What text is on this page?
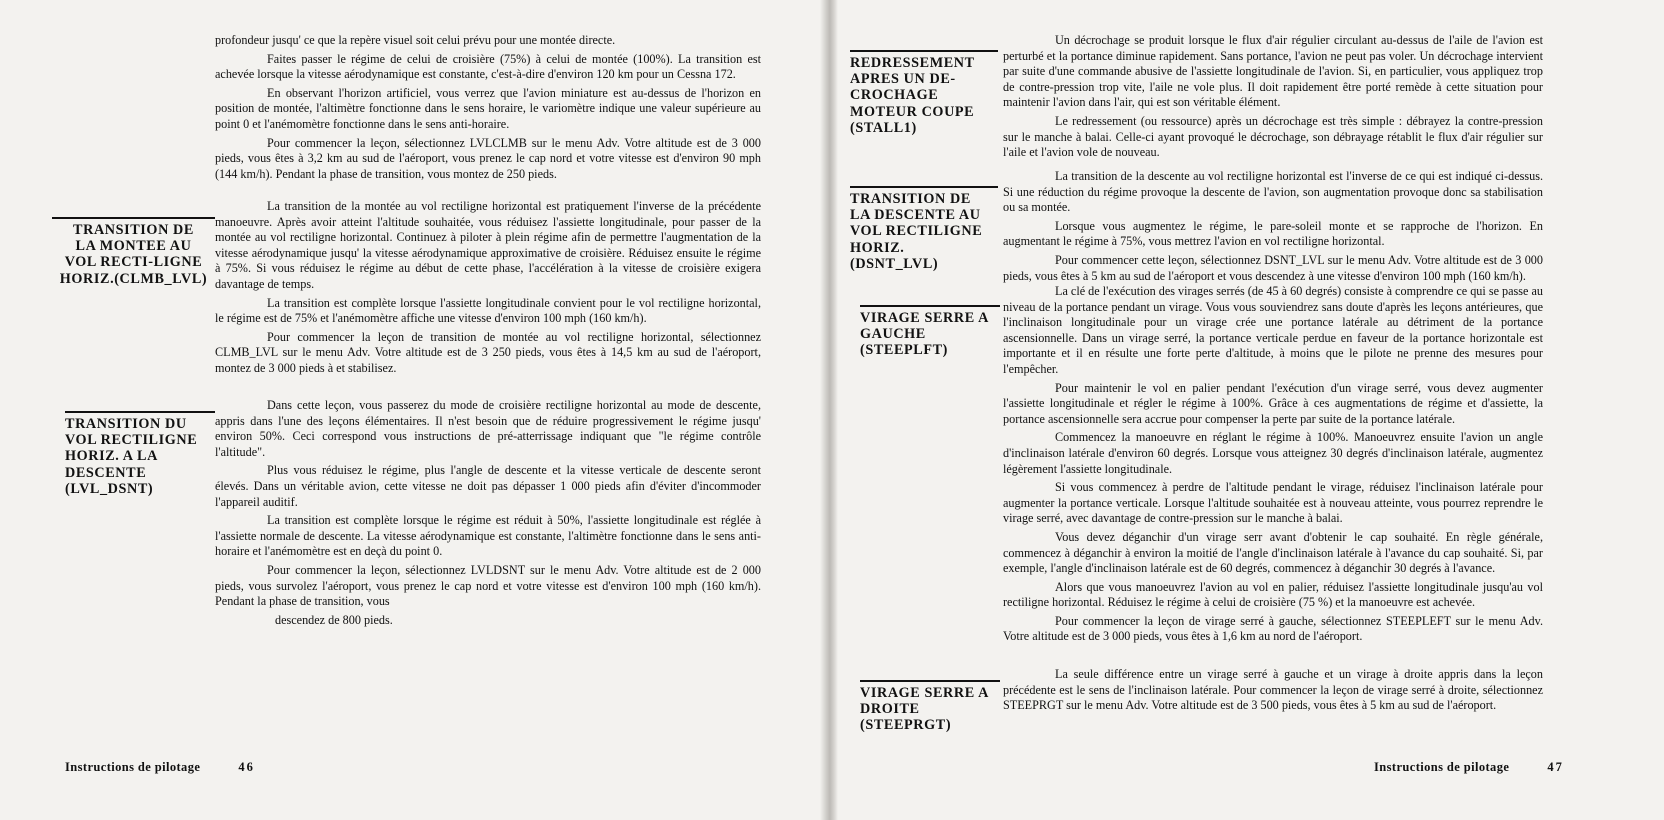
profondeur jusqu' ce que la repère visuel soit celui prévu pour une montée directe.

Faites passer le régime de celui de croisière (75%) à celui de montée (100%). La transition est achevée lorsque la vitesse aérodynamique est constante, c'est-à-dire d'environ 120 km pour un Cessna 172.

En observant l'horizon artificiel, vous verrez que l'avion miniature est au-dessus de l'horizon en position de montée, l'altimètre fonctionne dans le sens horaire, le variomètre indique une valeur supérieure au point 0 et l'anémomètre fonctionne dans le sens anti-horaire.

Pour commencer la leçon, sélectionnez LVLCLMB sur le menu Adv. Votre altitude est de 3 000 pieds, vous êtes à 3,2 km au sud de l'aéroport, vous prenez le cap nord et votre vitesse est d'environ 90 mph (144 km/h). Pendant la phase de transition, vous montez de 250 pieds.

TRANSITION DE
LA MONTEE AU
VOL RECTI-LIGNE
HORIZ.(CLMB_LVL)

La transition de la montée au vol rectiligne horizontal est pratiquement l'inverse de la précédente manoeuvre. Après avoir atteint l'altitude souhaitée, vous réduisez l'assiette longitudinale, pour passer de la montée au vol rectiligne horizontal. Continuez à piloter à plein régime afin de permettre l'augmentation de la vitesse aérodynamique jusqu' la vitesse aérodynamique approximative de croisière. Réduisez ensuite le régime à 75%. Si vous réduisez le régime au début de cette phase, l'accélération à la vitesse de croisière exigera davantage de temps.

La transition est complète lorsque l'assiette longitudinale convient pour le vol rectiligne horizontal, le régime est de 75% et l'anémomètre affiche une vitesse d'environ 100 mph (160 km/h).

Pour commencer la leçon de transition de montée au vol rectiligne horizontal, sélectionnez CLMB_LVL sur le menu Adv. Votre altitude est de 3 250 pieds, vous êtes à 14,5 km au sud de l'aéroport, montez de 3 000 pieds à et stabilisez.

TRANSITION DU
VOL RECTILIGNE
HORIZ. A LA
DESCENTE
(LVL_DSNT)

Dans cette leçon, vous passerez du mode de croisière rectiligne horizontal au mode de descente, appris dans l'une des leçons élémentaires. Il n'est besoin que de réduire progressivement le régime jusqu' environ 50%. Ceci correspond vous instructions de pré-atterrissage indiquant que "le régime contrôle l'altitude".

Plus vous réduisez le régime, plus l'angle de descente et la vitesse verticale de descente seront élevés. Dans un véritable avion, cette vitesse ne doit pas dépasser 1 000 pieds afin d'éviter d'incommoder l'appareil auditif.

La transition est complète lorsque le régime est réduit à 50%, l'assiette longitudinale est réglée à l'assiette normale de descente. La vitesse aérodynamique est constante, l'altimètre fonctionne dans le sens anti-horaire et l'anémomètre est en deçà du point 0.

Pour commencer la leçon, sélectionnez LVLDSNT sur le menu Adv. Votre altitude est de 2 000 pieds, vous survolez l'aéroport, vous prenez le cap nord et votre vitesse est d'environ 100 mph (160 km/h). Pendant la phase de transition, vous

descendez de 800 pieds.

Instructions de pilotage	46
REDRESSEMENT
APRES UN DE-
CROCHAGE
MOTEUR COUPE
(STALL1)

Un décrochage se produit lorsque le flux d'air régulier circulant au-dessus de l'aile de l'avion est perturbé et la portance diminue rapidement. Sans portance, l'avion ne peut pas voler. Un décrochage intervient par suite d'une commande abusive de l'assiette longitudinale de l'avion. Si, en particulier, vous appliquez trop de contre-pression trop vite, l'aile ne vole plus. Il doit rapidement être porté remède à cette situation pour maintenir l'avion dans l'air, qui est son véritable élément.

Le redressement (ou ressource) après un décrochage est très simple : débrayez la contre-pression sur le manche à balai. Celle-ci ayant provoqué le décrochage, son débrayage rétablit le flux d'air régulier sur l'aile et l'avion vole de nouveau.

TRANSITION DE
LA DESCENTE AU
VOL RECTILIGNE
HORIZ.
(DSNT_LVL)

La transition de la descente au vol rectiligne horizontal est l'inverse de ce qui est indiqué ci-dessus. Si une réduction du régime provoque la descente de l'avion, son augmentation provoque donc sa stabilisation ou sa montée.

Lorsque vous augmentez le régime, le pare-soleil monte et se rapproche de l'horizon. En augmentant le régime à 75%, vous mettrez l'avion en vol rectiligne horizontal.

Pour commencer cette leçon, sélectionnez DSNT_LVL sur le menu Adv. Votre altitude est de 3 000 pieds, vous êtes à 5 km au sud de l'aéroport et vous descendez à une vitesse d'environ 100 mph (160 km/h).

VIRAGE SERRE A
GAUCHE
(STEEPLFT)

La clé de l'exécution des virages serrés (de 45 à 60 degrés) consiste à comprendre ce qui se passe au niveau de la portance pendant un virage. Vous vous souviendrez sans doute d'après les leçons antérieures, que l'inclinaison longitudinale pour un virage crée une portance latérale au détriment de la portance ascensionnelle. Dans un virage serré, la portance verticale perdue en faveur de la portance horizontale est importante et il en résulte une forte perte d'altitude, à moins que le pilote ne prenne des mesures pour l'empêcher.

Pour maintenir le vol en palier pendant l'exécution d'un virage serré, vous devez augmenter l'assiette longitudinale et régler le régime à 100%. Grâce à ces augmentations de régime et d'assiette, la portance ascensionnelle sera accrue pour compenser la perte par suite de la portance latérale.

Commencez la manoeuvre en réglant le régime à 100%. Manoeuvrez ensuite l'avion un angle d'inclinaison latérale d'environ 60 degrés. Lorsque vous atteignez 30 degrés d'inclinaison latérale, augmentez légèrement l'assiette longitudinale.

Si vous commencez à perdre de l'altitude pendant le virage, réduisez l'inclinaison latérale pour augmenter la portance verticale. Lorsque l'altitude souhaitée est à nouveau atteinte, vous pourrez reprendre le virage serré, avec davantage de contre-pression sur le manche à balai.

Vous devez déganchir d'un virage serr avant d'obtenir le cap souhaité. En règle générale, commencez à déganchir à environ la moitié de l'angle d'inclinaison latérale à l'avance du cap souhaité. Si, par exemple, l'angle d'inclinaison latérale est de 60 degrés, commencez à déganchir 30 degrés à l'avance.

Alors que vous manoeuvrez l'avion au vol en palier, réduisez l'assiette longitudinale jusqu'au vol rectiligne horizontal. Réduisez le régime à celui de croisière (75 %) et la manoeuvre est achevée.

Pour commencer la leçon de virage serré à gauche, sélectionnez STEEPLEFT sur le menu Adv. Votre altitude est de 3 000 pieds, vous êtes à 1,6 km au nord de l'aéroport.

VIRAGE SERRE A
DROITE
(STEEPRGT)

La seule différence entre un virage serré à gauche et un virage à droite appris dans la leçon précédente est le sens de l'inclinaison latérale. Pour commencer la leçon de virage serré à droite, sélectionnez STEEPRGT sur le menu Adv. Votre altitude est de 3 500 pieds, vous êtes à 5 km au sud de l'aéroport.

Instructions de pilotage	47
